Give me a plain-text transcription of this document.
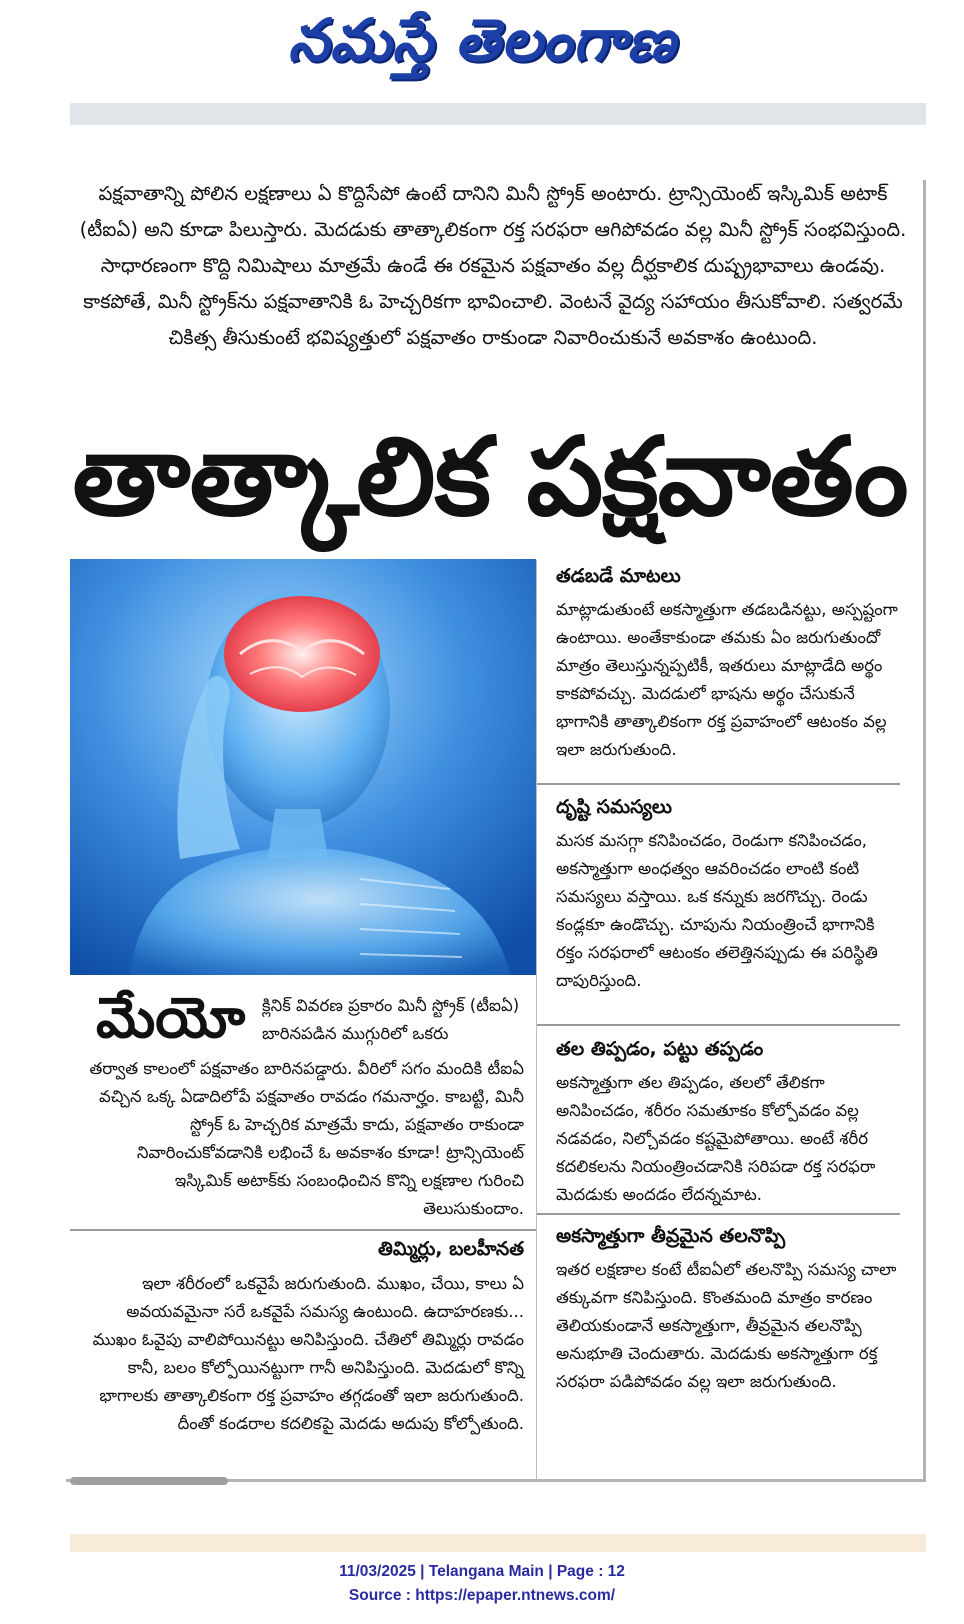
నమస్తే తెలంగాణ
పక్షవాతాన్ని పోలిన లక్షణాలు ఏ కొద్దిసేపో ఉంటే దానిని మినీ స్ట్రోక్ అంటారు. ట్రాన్సియెంట్ ఇస్కిమిక్ అటాక్ (టీఐఏ) అని కూడా పిలుస్తారు. మెదడుకు తాత్కాలికంగా రక్త సరఫరా ఆగిపోవడం వల్ల మినీ స్ట్రోక్ సంభవిస్తుంది. సాధారణంగా కొద్ది నిమిషాలు మాత్రమే ఉండే ఈ రకమైన పక్షవాతం వల్ల దీర్ఘకాలిక దుష్ప్రభావాలు ఉండవు. కాకపోతే, మినీ స్ట్రోక్‌ను పక్షవాతానికి ఓ హెచ్చరికగా భావించాలి. వెంటనే వైద్య సహాయం తీసుకోవాలి. సత్వరమే చికిత్స తీసుకుంటే భవిష్యత్తులో పక్షవాతం రాకుండా నివారించుకునే అవకాశం ఉంటుంది.
తాత్కాలిక పక్షవాతం
తడబడే మాటలు

మాట్లాడుతుంటే అకస్మాత్తుగా తడబడినట్టు, అస్పష్టంగా ఉంటాయి. అంతేకాకుండా తమకు ఏం జరుగుతుందో మాత్రం తెలుస్తున్నప్పటికీ, ఇతరులు మాట్లాడేది అర్థం కాకపోవచ్చు. మెదడులో భాషను అర్థం చేసుకునే భాగానికి తాత్కాలికంగా రక్త ప్రవాహంలో ఆటంకం వల్ల ఇలా జరుగుతుంది.

దృష్టి సమస్యలు

మసక మసగ్గా కనిపించడం, రెండుగా కనిపించడం, అకస్మాత్తుగా అంధత్వం ఆవరించడం లాంటి కంటి సమస్యలు వస్తాయి. ఒక కన్నుకు జరగొచ్చు. రెండు కండ్లకూ ఉండొచ్చు. చూపును నియంత్రించే భాగానికి రక్తం సరఫరాలో ఆటంకం తలెత్తినప్పుడు ఈ పరిస్థితి దాపురిస్తుంది.

తల తిప్పడం, పట్టు తప్పడం

అకస్మాత్తుగా తల తిప్పడం, తలలో తేలికగా అనిపించడం, శరీరం సమతూకం కోల్పోవడం వల్ల నడవడం, నిల్చోవడం కష్టమైపోతాయి. అంటే శరీర కదలికలను నియంత్రించడానికి సరిపడా రక్త సరఫరా మెదడుకు అందడం లేదన్నమాట.

అకస్మాత్తుగా తీవ్రమైన తలనొప్పి

ఇతర లక్షణాల కంటే టీఐఏలో తలనొప్పి సమస్య చాలా తక్కువగా కనిపిస్తుంది. కొంతమంది మాత్రం కారణం తెలియకుండానే అకస్మాత్తుగా, తీవ్రమైన తలనొప్పి అనుభూతి చెందుతారు. మెదడుకు అకస్మాత్తుగా రక్త సరఫరా పడిపోవడం వల్ల ఇలా జరుగుతుంది.

మేయో క్లినిక్ వివరణ ప్రకారం మినీ స్ట్రోక్ (టీఐఏ) బారినపడిన ముగ్గురిలో ఒకరు
తర్వాత కాలంలో పక్షవాతం బారినపడ్డారు. వీరిలో సగం మందికి టీఐఏ వచ్చిన ఒక్క ఏడాదిలోపే పక్షవాతం రావడం గమనార్హం. కాబట్టి, మినీ స్ట్రోక్ ఓ హెచ్చరిక మాత్రమే కాదు, పక్షవాతం రాకుండా నివారించుకోవడానికి లభించే ఓ అవకాశం కూడా! ట్రాన్సియెంట్ ఇస్కిమిక్ అటాక్‌కు సంబంధించిన కొన్ని లక్షణాల గురించి తెలుసుకుందాం.
తిమ్మిర్లు, బలహీనత

ఇలా శరీరంలో ఒకవైపే జరుగుతుంది. ముఖం, చేయి, కాలు ఏ అవయవమైనా సరే ఒకవైపే సమస్య ఉంటుంది. ఉదాహరణకు... ముఖం ఓవైపు వాలిపోయినట్టు అనిపిస్తుంది. చేతిలో తిమ్మిర్లు రావడం కానీ, బలం కోల్పోయినట్టుగా గానీ అనిపిస్తుంది. మెదడులో కొన్ని భాగాలకు తాత్కాలికంగా రక్త ప్రవాహం తగ్గడంతో ఇలా జరుగుతుంది. దీంతో కండరాల కదలికపై మెదడు అదుపు కోల్పోతుంది.

11/03/2025 | Telangana Main | Page : 12
Source : https://epaper.ntnews.com/
